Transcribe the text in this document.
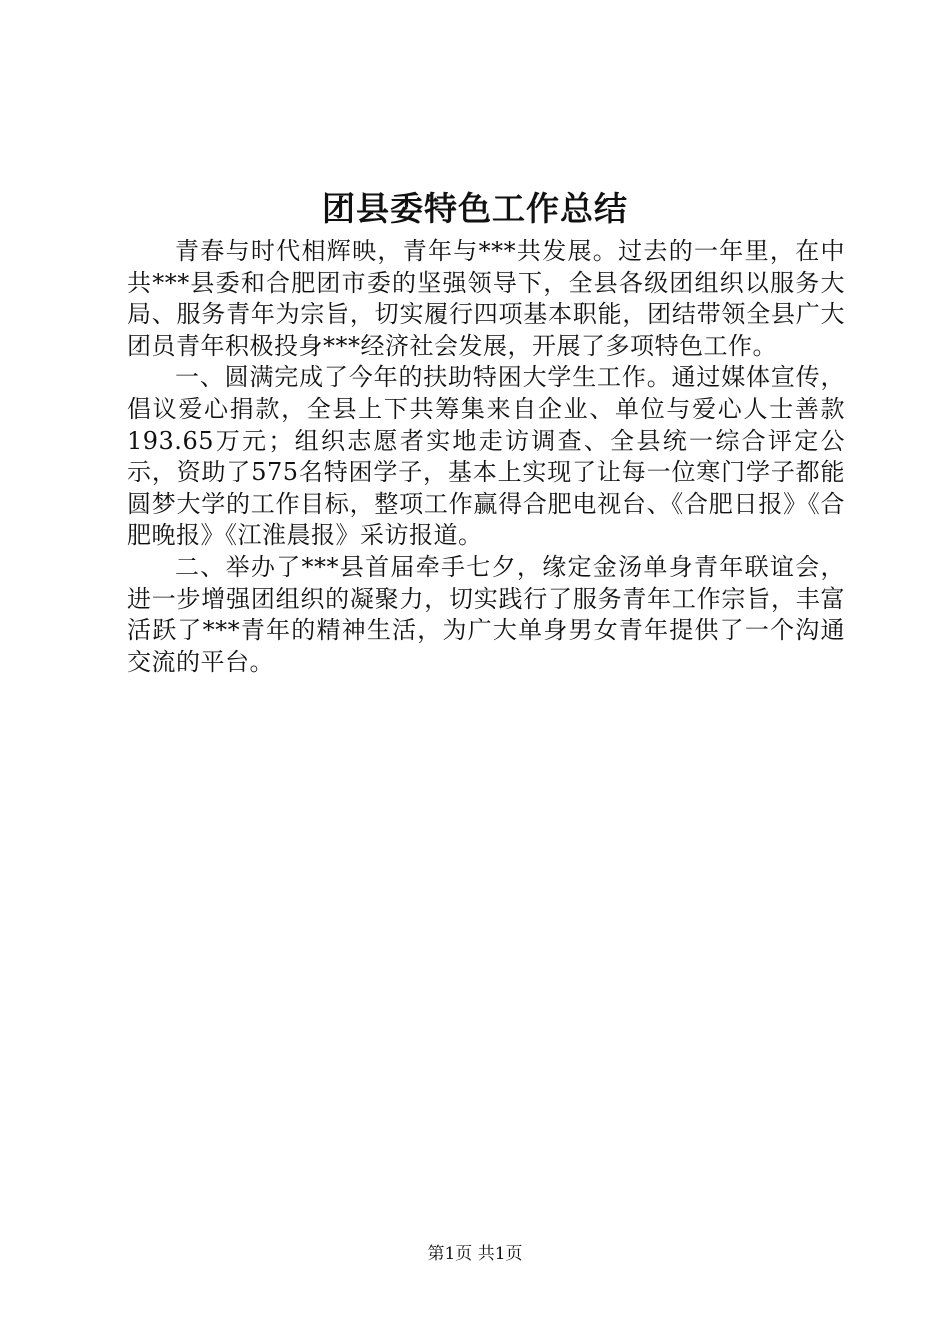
团县委特色工作总结

青春与时代相辉映，青年与***共发展。过去的一年里，在中共***县委和合肥团市委的坚强领导下，全县各级团组织以服务大局、服务青年为宗旨，切实履行四项基本职能，团结带领全县广大团员青年积极投身***经济社会发展，开展了多项特色工作。

一、圆满完成了今年的扶助特困大学生工作。通过媒体宣传，倡议爱心捐款，全县上下共筹集来自企业、单位与爱心人士善款193.65万元；组织志愿者实地走访调查、全县统一综合评定公示，资助了575名特困学子，基本上实现了让每一位寒门学子都能圆梦大学的工作目标，整项工作赢得合肥电视台、《合肥日报》《合肥晚报》《江淮晨报》采访报道。

二、举办了***县首届牵手七夕，缘定金汤单身青年联谊会，进一步增强团组织的凝聚力，切实践行了服务青年工作宗旨，丰富活跃了***青年的精神生活，为广大单身男女青年提供了一个沟通交流的平台。

第1页 共1页
